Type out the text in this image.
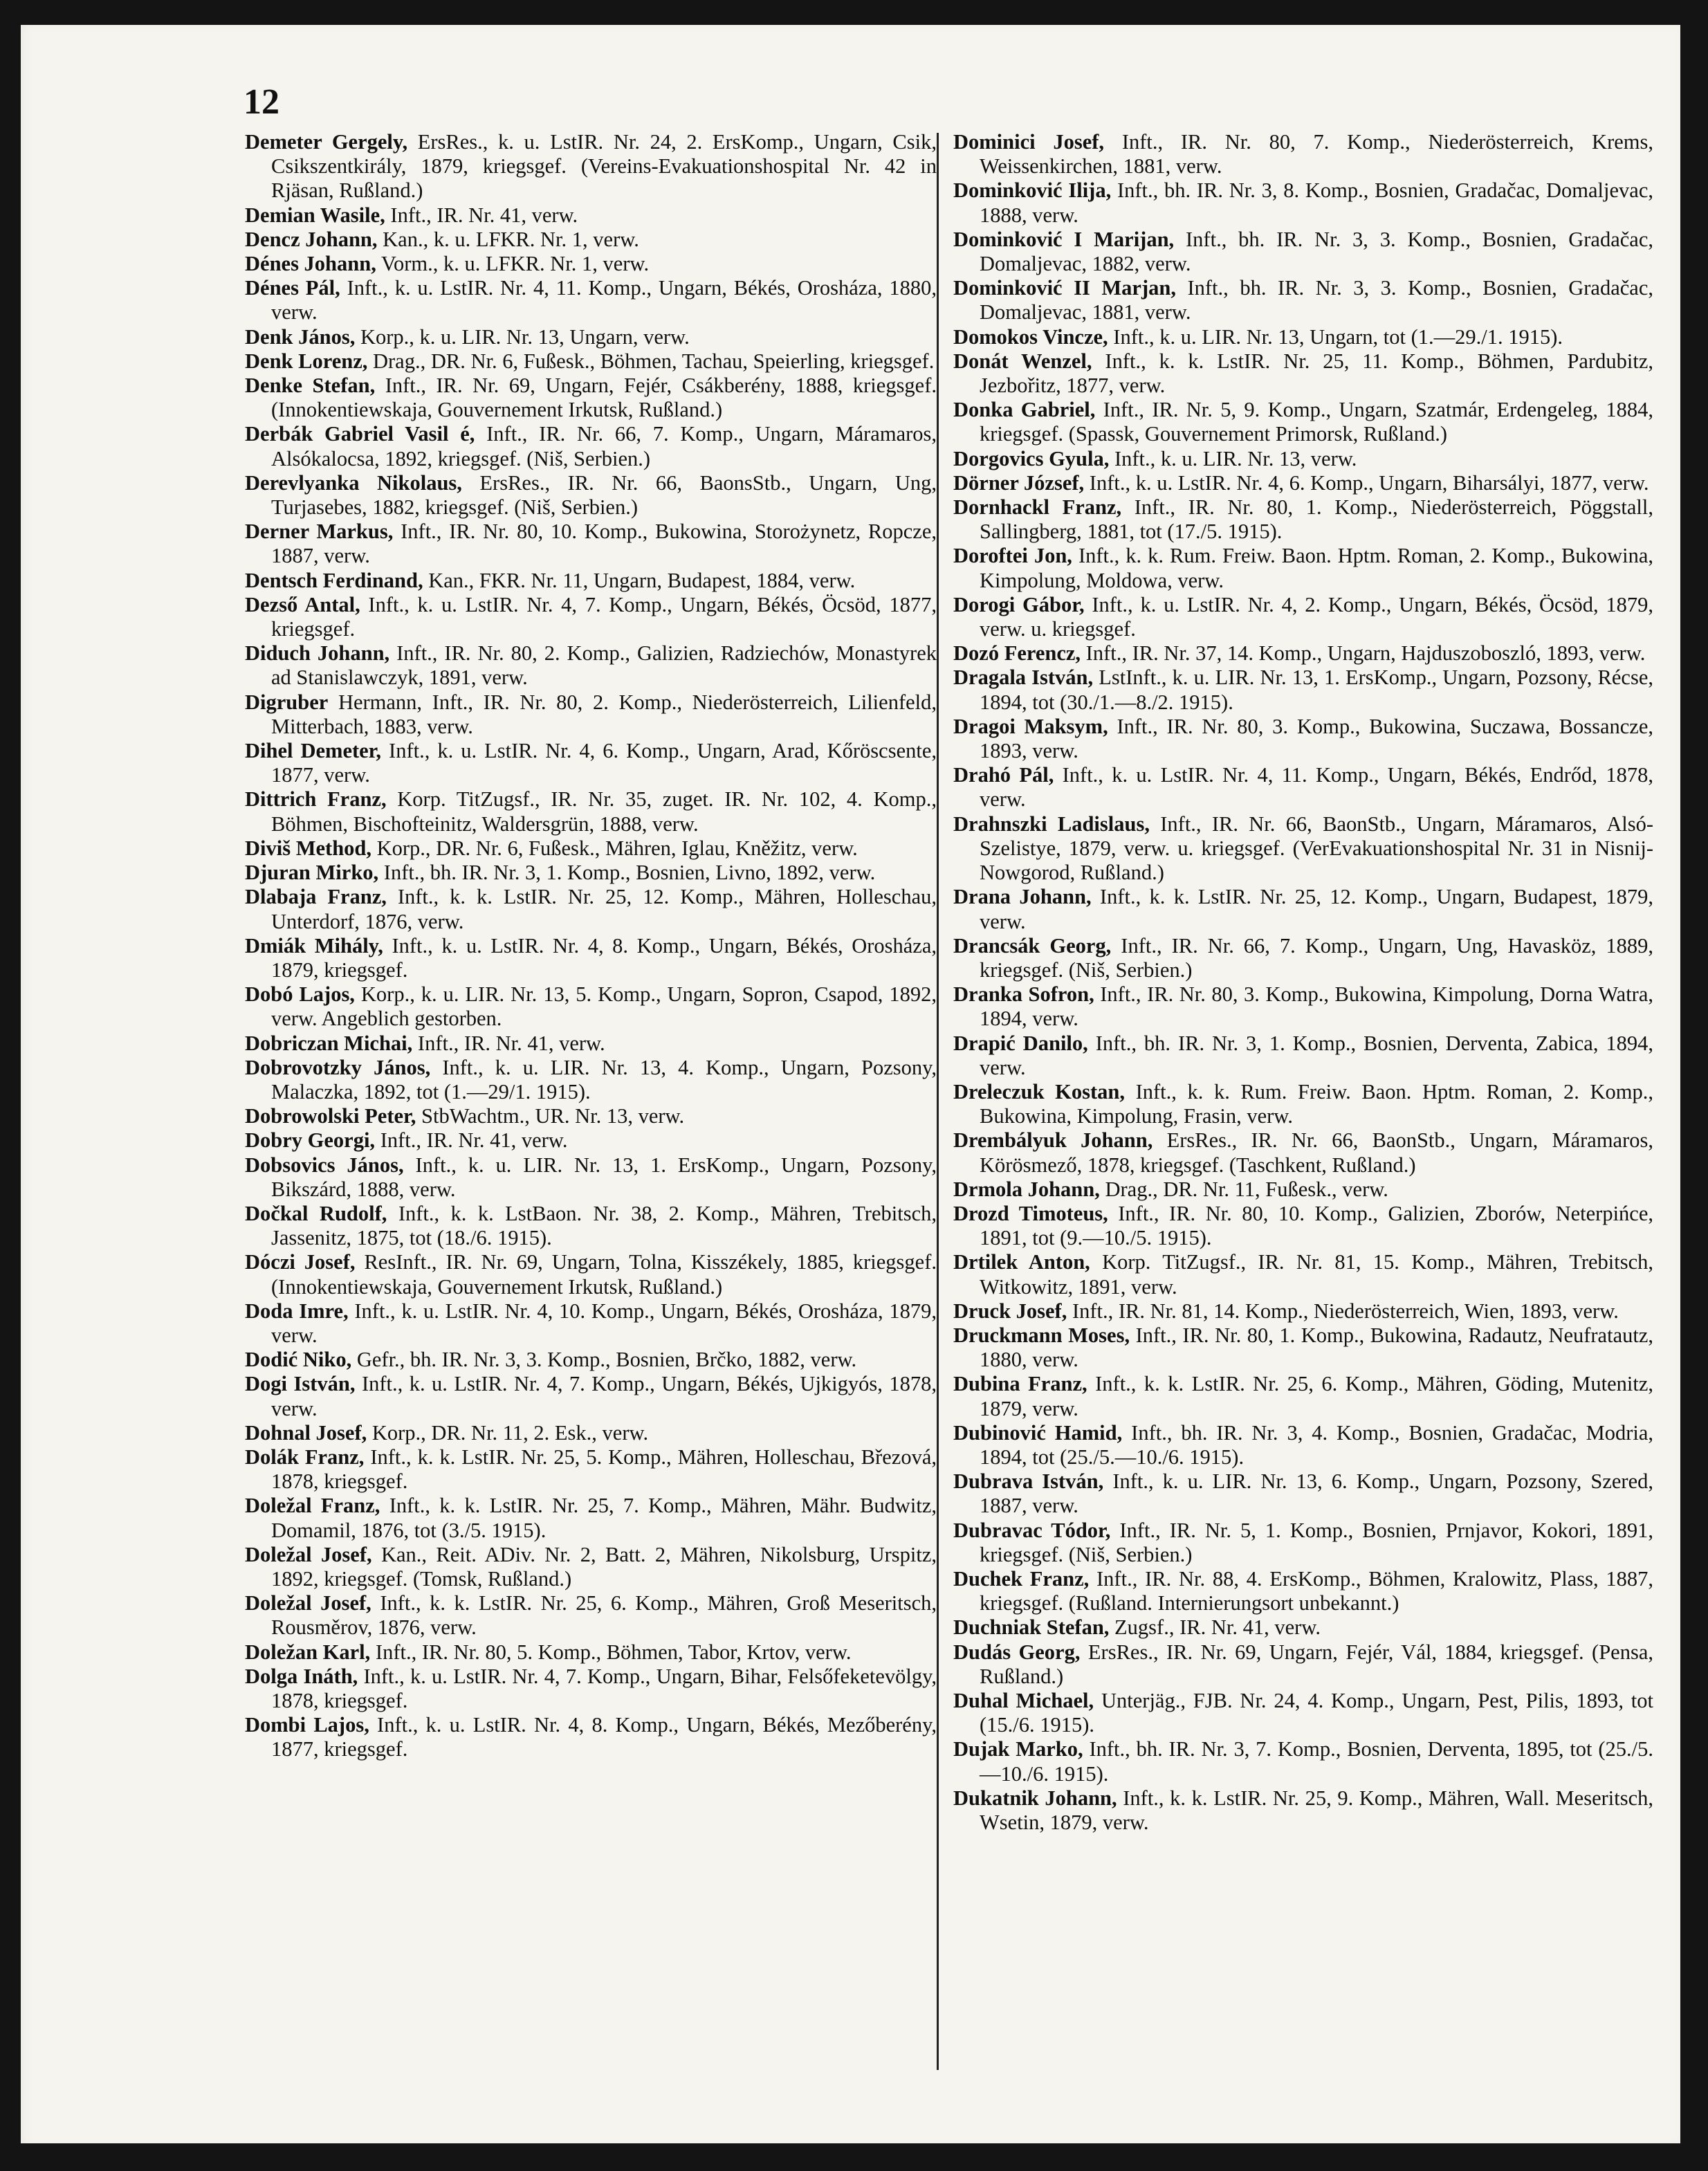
12

Demeter Gergely, ErsRes., k. u. LstIR. Nr. 24, 2. ErsKomp., Ungarn, Csik, Csikszentkirály, 1879, kriegsgef. (Vereins-Evakuationshospital Nr. 42 in Rjäsan, Rußland.)

Demian Wasile, Inft., IR. Nr. 41, verw.

Dencz Johann, Kan., k. u. LFKR. Nr. 1, verw.

Dénes Johann, Vorm., k. u. LFKR. Nr. 1, verw.

Dénes Pál, Inft., k. u. LstIR. Nr. 4, 11. Komp., Ungarn, Békés, Orosháza, 1880, verw.

Denk János, Korp., k. u. LIR. Nr. 13, Ungarn, verw.

Denk Lorenz, Drag., DR. Nr. 6, Fußesk., Böhmen, Tachau, Speierling, kriegsgef.

Denke Stefan, Inft., IR. Nr. 69, Ungarn, Fejér, Csákberény, 1888, kriegsgef. (Innokentiewskaja, Gouvernement Irkutsk, Rußland.)

Derbák Gabriel Vasil é, Inft., IR. Nr. 66, 7. Komp., Ungarn, Máramaros, Alsókalocsa, 1892, kriegsgef. (Niš, Serbien.)

Derevlyanka Nikolaus, ErsRes., IR. Nr. 66, BaonsStb., Ungarn, Ung, Turjasebes, 1882, kriegsgef. (Niš, Serbien.)

Derner Markus, Inft., IR. Nr. 80, 10. Komp., Bukowina, Storożynetz, Ropcze, 1887, verw.

Dentsch Ferdinand, Kan., FKR. Nr. 11, Ungarn, Budapest, 1884, verw.

Dezső Antal, Inft., k. u. LstIR. Nr. 4, 7. Komp., Ungarn, Békés, Öcsöd, 1877, kriegsgef.

Diduch Johann, Inft., IR. Nr. 80, 2. Komp., Galizien, Radziechów, Monastyrek ad Stanislawczyk, 1891, verw.

Digruber Hermann, Inft., IR. Nr. 80, 2. Komp., Niederösterreich, Lilienfeld, Mitterbach, 1883, verw.

Dihel Demeter, Inft., k. u. LstIR. Nr. 4, 6. Komp., Ungarn, Arad, Kőröscsente, 1877, verw.

Dittrich Franz, Korp. TitZugsf., IR. Nr. 35, zuget. IR. Nr. 102, 4. Komp., Böhmen, Bischofteinitz, Waldersgrün, 1888, verw.

Diviš Method, Korp., DR. Nr. 6, Fußesk., Mähren, Iglau, Kněžitz, verw.

Djuran Mirko, Inft., bh. IR. Nr. 3, 1. Komp., Bosnien, Livno, 1892, verw.

Dlabaja Franz, Inft., k. k. LstIR. Nr. 25, 12. Komp., Mähren, Holleschau, Unterdorf, 1876, verw.

Dmiák Mihály, Inft., k. u. LstIR. Nr. 4, 8. Komp., Ungarn, Békés, Orosháza, 1879, kriegsgef.

Dobó Lajos, Korp., k. u. LIR. Nr. 13, 5. Komp., Ungarn, Sopron, Csapod, 1892, verw. Angeblich gestorben.

Dobriczan Michai, Inft., IR. Nr. 41, verw.

Dobrovotzky János, Inft., k. u. LIR. Nr. 13, 4. Komp., Ungarn, Pozsony, Malaczka, 1892, tot (1.—29/1. 1915).

Dobrowolski Peter, StbWachtm., UR. Nr. 13, verw.

Dobry Georgi, Inft., IR. Nr. 41, verw.

Dobsovics János, Inft., k. u. LIR. Nr. 13, 1. ErsKomp., Ungarn, Pozsony, Bikszárd, 1888, verw.

Dočkal Rudolf, Inft., k. k. LstBaon. Nr. 38, 2. Komp., Mähren, Trebitsch, Jassenitz, 1875, tot (18./6. 1915).

Dóczi Josef, ResInft., IR. Nr. 69, Ungarn, Tolna, Kisszékely, 1885, kriegsgef. (Innokentiewskaja, Gouvernement Irkutsk, Rußland.)

Doda Imre, Inft., k. u. LstIR. Nr. 4, 10. Komp., Ungarn, Békés, Orosháza, 1879, verw.

Dodić Niko, Gefr., bh. IR. Nr. 3, 3. Komp., Bosnien, Brčko, 1882, verw.

Dogi István, Inft., k. u. LstIR. Nr. 4, 7. Komp., Ungarn, Békés, Ujkigyós, 1878, verw.

Dohnal Josef, Korp., DR. Nr. 11, 2. Esk., verw.

Dolák Franz, Inft., k. k. LstIR. Nr. 25, 5. Komp., Mähren, Holleschau, Březová, 1878, kriegsgef.

Doležal Franz, Inft., k. k. LstIR. Nr. 25, 7. Komp., Mähren, Mähr. Budwitz, Domamil, 1876, tot (3./5. 1915).

Doležal Josef, Kan., Reit. ADiv. Nr. 2, Batt. 2, Mähren, Nikolsburg, Urspitz, 1892, kriegsgef. (Tomsk, Rußland.)

Doležal Josef, Inft., k. k. LstIR. Nr. 25, 6. Komp., Mähren, Groß Meseritsch, Rousměrov, 1876, verw.

Doležan Karl, Inft., IR. Nr. 80, 5. Komp., Böhmen, Tabor, Krtov, verw.

Dolga Ináth, Inft., k. u. LstIR. Nr. 4, 7. Komp., Ungarn, Bihar, Felsőfeketevölgy, 1878, kriegsgef.

Dombi Lajos, Inft., k. u. LstIR. Nr. 4, 8. Komp., Ungarn, Békés, Mezőberény, 1877, kriegsgef.

Dominici Josef, Inft., IR. Nr. 80, 7. Komp., Niederösterreich, Krems, Weissenkirchen, 1881, verw.

Dominković Ilija, Inft., bh. IR. Nr. 3, 8. Komp., Bosnien, Gradačac, Domaljevac, 1888, verw.

Dominković I Marijan, Inft., bh. IR. Nr. 3, 3. Komp., Bosnien, Gradačac, Domaljevac, 1882, verw.

Dominković II Marjan, Inft., bh. IR. Nr. 3, 3. Komp., Bosnien, Gradačac, Domaljevac, 1881, verw.

Domokos Vincze, Inft., k. u. LIR. Nr. 13, Ungarn, tot (1.—29./1. 1915).

Donát Wenzel, Inft., k. k. LstIR. Nr. 25, 11. Komp., Böhmen, Pardubitz, Jezbořitz, 1877, verw.

Donka Gabriel, Inft., IR. Nr. 5, 9. Komp., Ungarn, Szatmár, Erdengeleg, 1884, kriegsgef. (Spassk, Gouvernement Primorsk, Rußland.)

Dorgovics Gyula, Inft., k. u. LIR. Nr. 13, verw.

Dörner József, Inft., k. u. LstIR. Nr. 4, 6. Komp., Ungarn, Biharsályi, 1877, verw.

Dornhackl Franz, Inft., IR. Nr. 80, 1. Komp., Niederösterreich, Pöggstall, Sallingberg, 1881, tot (17./5. 1915).

Doroftei Jon, Inft., k. k. Rum. Freiw. Baon. Hptm. Roman, 2. Komp., Bukowina, Kimpolung, Moldowa, verw.

Dorogi Gábor, Inft., k. u. LstIR. Nr. 4, 2. Komp., Ungarn, Békés, Öcsöd, 1879, verw. u. kriegsgef.

Dozó Ferencz, Inft., IR. Nr. 37, 14. Komp., Ungarn, Hajduszoboszló, 1893, verw.

Dragala István, LstInft., k. u. LIR. Nr. 13, 1. ErsKomp., Ungarn, Pozsony, Récse, 1894, tot (30./1.—8./2. 1915).

Dragoi Maksym, Inft., IR. Nr. 80, 3. Komp., Bukowina, Suczawa, Bossancze, 1893, verw.

Drahó Pál, Inft., k. u. LstIR. Nr. 4, 11. Komp., Ungarn, Békés, Endrőd, 1878, verw.

Drahnszki Ladislaus, Inft., IR. Nr. 66, BaonStb., Ungarn, Máramaros, Alsó-Szelistye, 1879, verw. u. kriegsgef. (VerEvakuationshospital Nr. 31 in Nisnij-Nowgorod, Rußland.)

Drana Johann, Inft., k. k. LstIR. Nr. 25, 12. Komp., Ungarn, Budapest, 1879, verw.

Drancsák Georg, Inft., IR. Nr. 66, 7. Komp., Ungarn, Ung, Havasköz, 1889, kriegsgef. (Niš, Serbien.)

Dranka Sofron, Inft., IR. Nr. 80, 3. Komp., Bukowina, Kimpolung, Dorna Watra, 1894, verw.

Drapić Danilo, Inft., bh. IR. Nr. 3, 1. Komp., Bosnien, Derventa, Zabica, 1894, verw.

Dreleczuk Kostan, Inft., k. k. Rum. Freiw. Baon. Hptm. Roman, 2. Komp., Bukowina, Kimpolung, Frasin, verw.

Drembályuk Johann, ErsRes., IR. Nr. 66, BaonStb., Ungarn, Máramaros, Körösmező, 1878, kriegsgef. (Taschkent, Rußland.)

Drmola Johann, Drag., DR. Nr. 11, Fußesk., verw.

Drozd Timoteus, Inft., IR. Nr. 80, 10. Komp., Galizien, Zborów, Neterpińce, 1891, tot (9.—10./5. 1915).

Drtilek Anton, Korp. TitZugsf., IR. Nr. 81, 15. Komp., Mähren, Trebitsch, Witkowitz, 1891, verw.

Druck Josef, Inft., IR. Nr. 81, 14. Komp., Niederösterreich, Wien, 1893, verw.

Druckmann Moses, Inft., IR. Nr. 80, 1. Komp., Bukowina, Radautz, Neufratautz, 1880, verw.

Dubina Franz, Inft., k. k. LstIR. Nr. 25, 6. Komp., Mähren, Göding, Mutenitz, 1879, verw.

Dubinović Hamid, Inft., bh. IR. Nr. 3, 4. Komp., Bosnien, Gradačac, Modria, 1894, tot (25./5.—10./6. 1915).

Dubrava István, Inft., k. u. LIR. Nr. 13, 6. Komp., Ungarn, Pozsony, Szered, 1887, verw.

Dubravac Tódor, Inft., IR. Nr. 5, 1. Komp., Bosnien, Prnjavor, Kokori, 1891, kriegsgef. (Niš, Serbien.)

Duchek Franz, Inft., IR. Nr. 88, 4. ErsKomp., Böhmen, Kralowitz, Plass, 1887, kriegsgef. (Rußland. Internierungsort unbekannt.)

Duchniak Stefan, Zugsf., IR. Nr. 41, verw.

Dudás Georg, ErsRes., IR. Nr. 69, Ungarn, Fejér, Vál, 1884, kriegsgef. (Pensa, Rußland.)

Duhal Michael, Unterjäg., FJB. Nr. 24, 4. Komp., Ungarn, Pest, Pilis, 1893, tot (15./6. 1915).

Dujak Marko, Inft., bh. IR. Nr. 3, 7. Komp., Bosnien, Derventa, 1895, tot (25./5.—10./6. 1915).

Dukatnik Johann, Inft., k. k. LstIR. Nr. 25, 9. Komp., Mähren, Wall. Meseritsch, Wsetin, 1879, verw.
